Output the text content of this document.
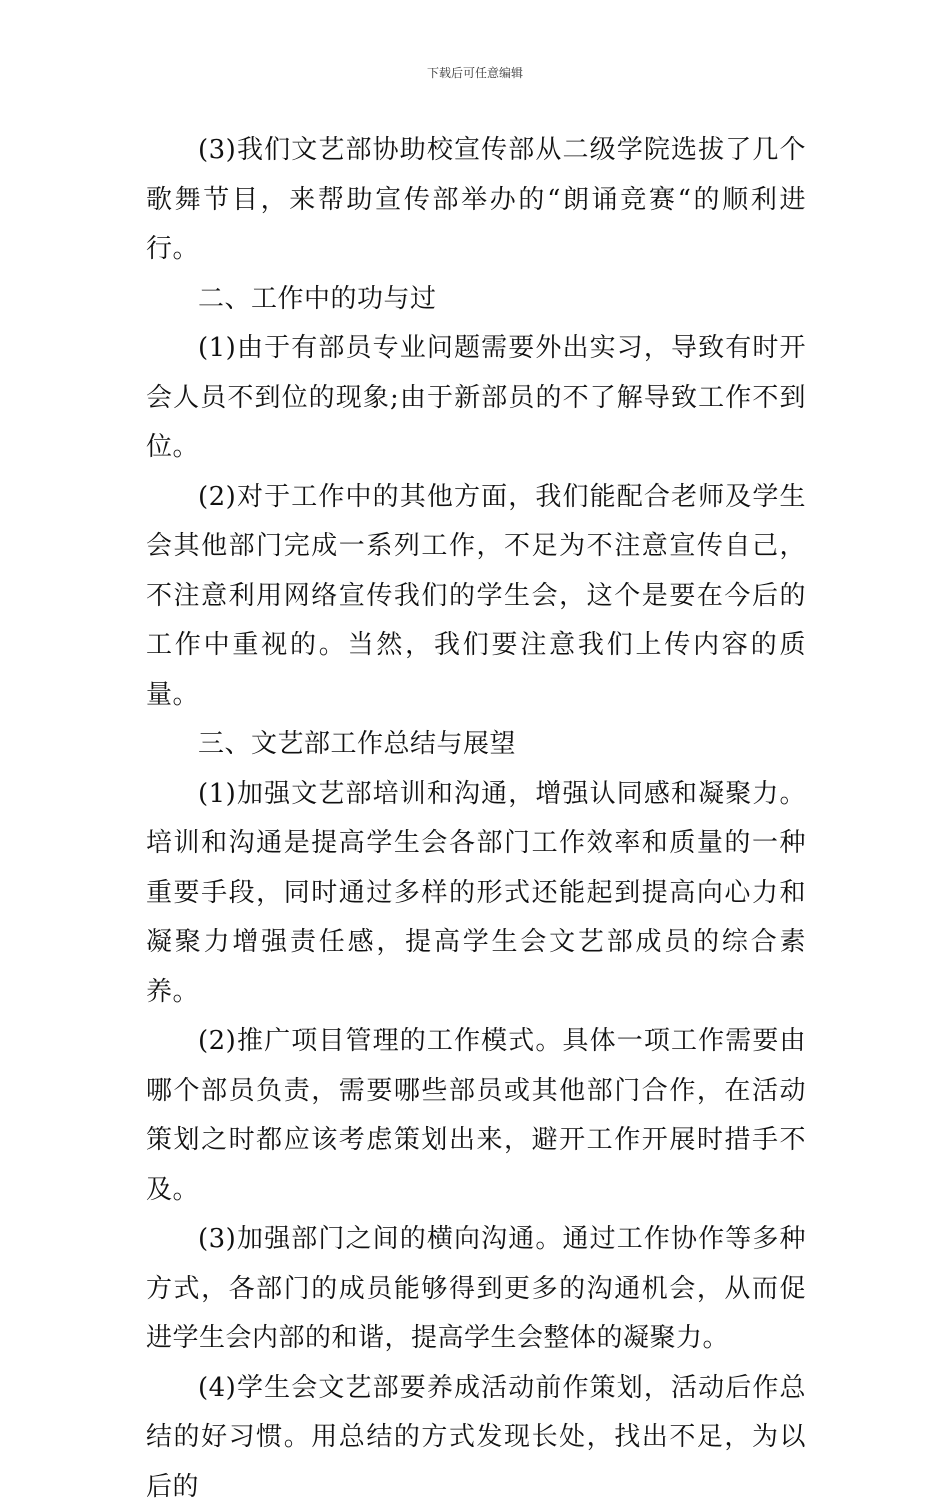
下载后可任意编辑

(3)我们文艺部协助校宣传部从二级学院选拔了几个歌舞节目，来帮助宣传部举办的“朗诵竞赛“的顺利进行。

二、工作中的功与过

(1)由于有部员专业问题需要外出实习，导致有时开会人员不到位的现象;由于新部员的不了解导致工作不到位。

(2)对于工作中的其他方面，我们能配合老师及学生会其他部门完成一系列工作，不足为不注意宣传自己，不注意利用网络宣传我们的学生会，这个是要在今后的工作中重视的。当然，我们要注意我们上传内容的质量。

三、文艺部工作总结与展望

(1)加强文艺部培训和沟通，增强认同感和凝聚力。培训和沟通是提高学生会各部门工作效率和质量的一种重要手段，同时通过多样的形式还能起到提高向心力和凝聚力增强责任感，提高学生会文艺部成员的综合素养。

(2)推广项目管理的工作模式。具体一项工作需要由哪个部员负责，需要哪些部员或其他部门合作，在活动策划之时都应该考虑策划出来，避开工作开展时措手不及。

(3)加强部门之间的横向沟通。通过工作协作等多种方式，各部门的成员能够得到更多的沟通机会，从而促进学生会内部的和谐，提高学生会整体的凝聚力。

(4)学生会文艺部要养成活动前作策划，活动后作总结的好习惯。用总结的方式发现长处，找出不足，为以后的
